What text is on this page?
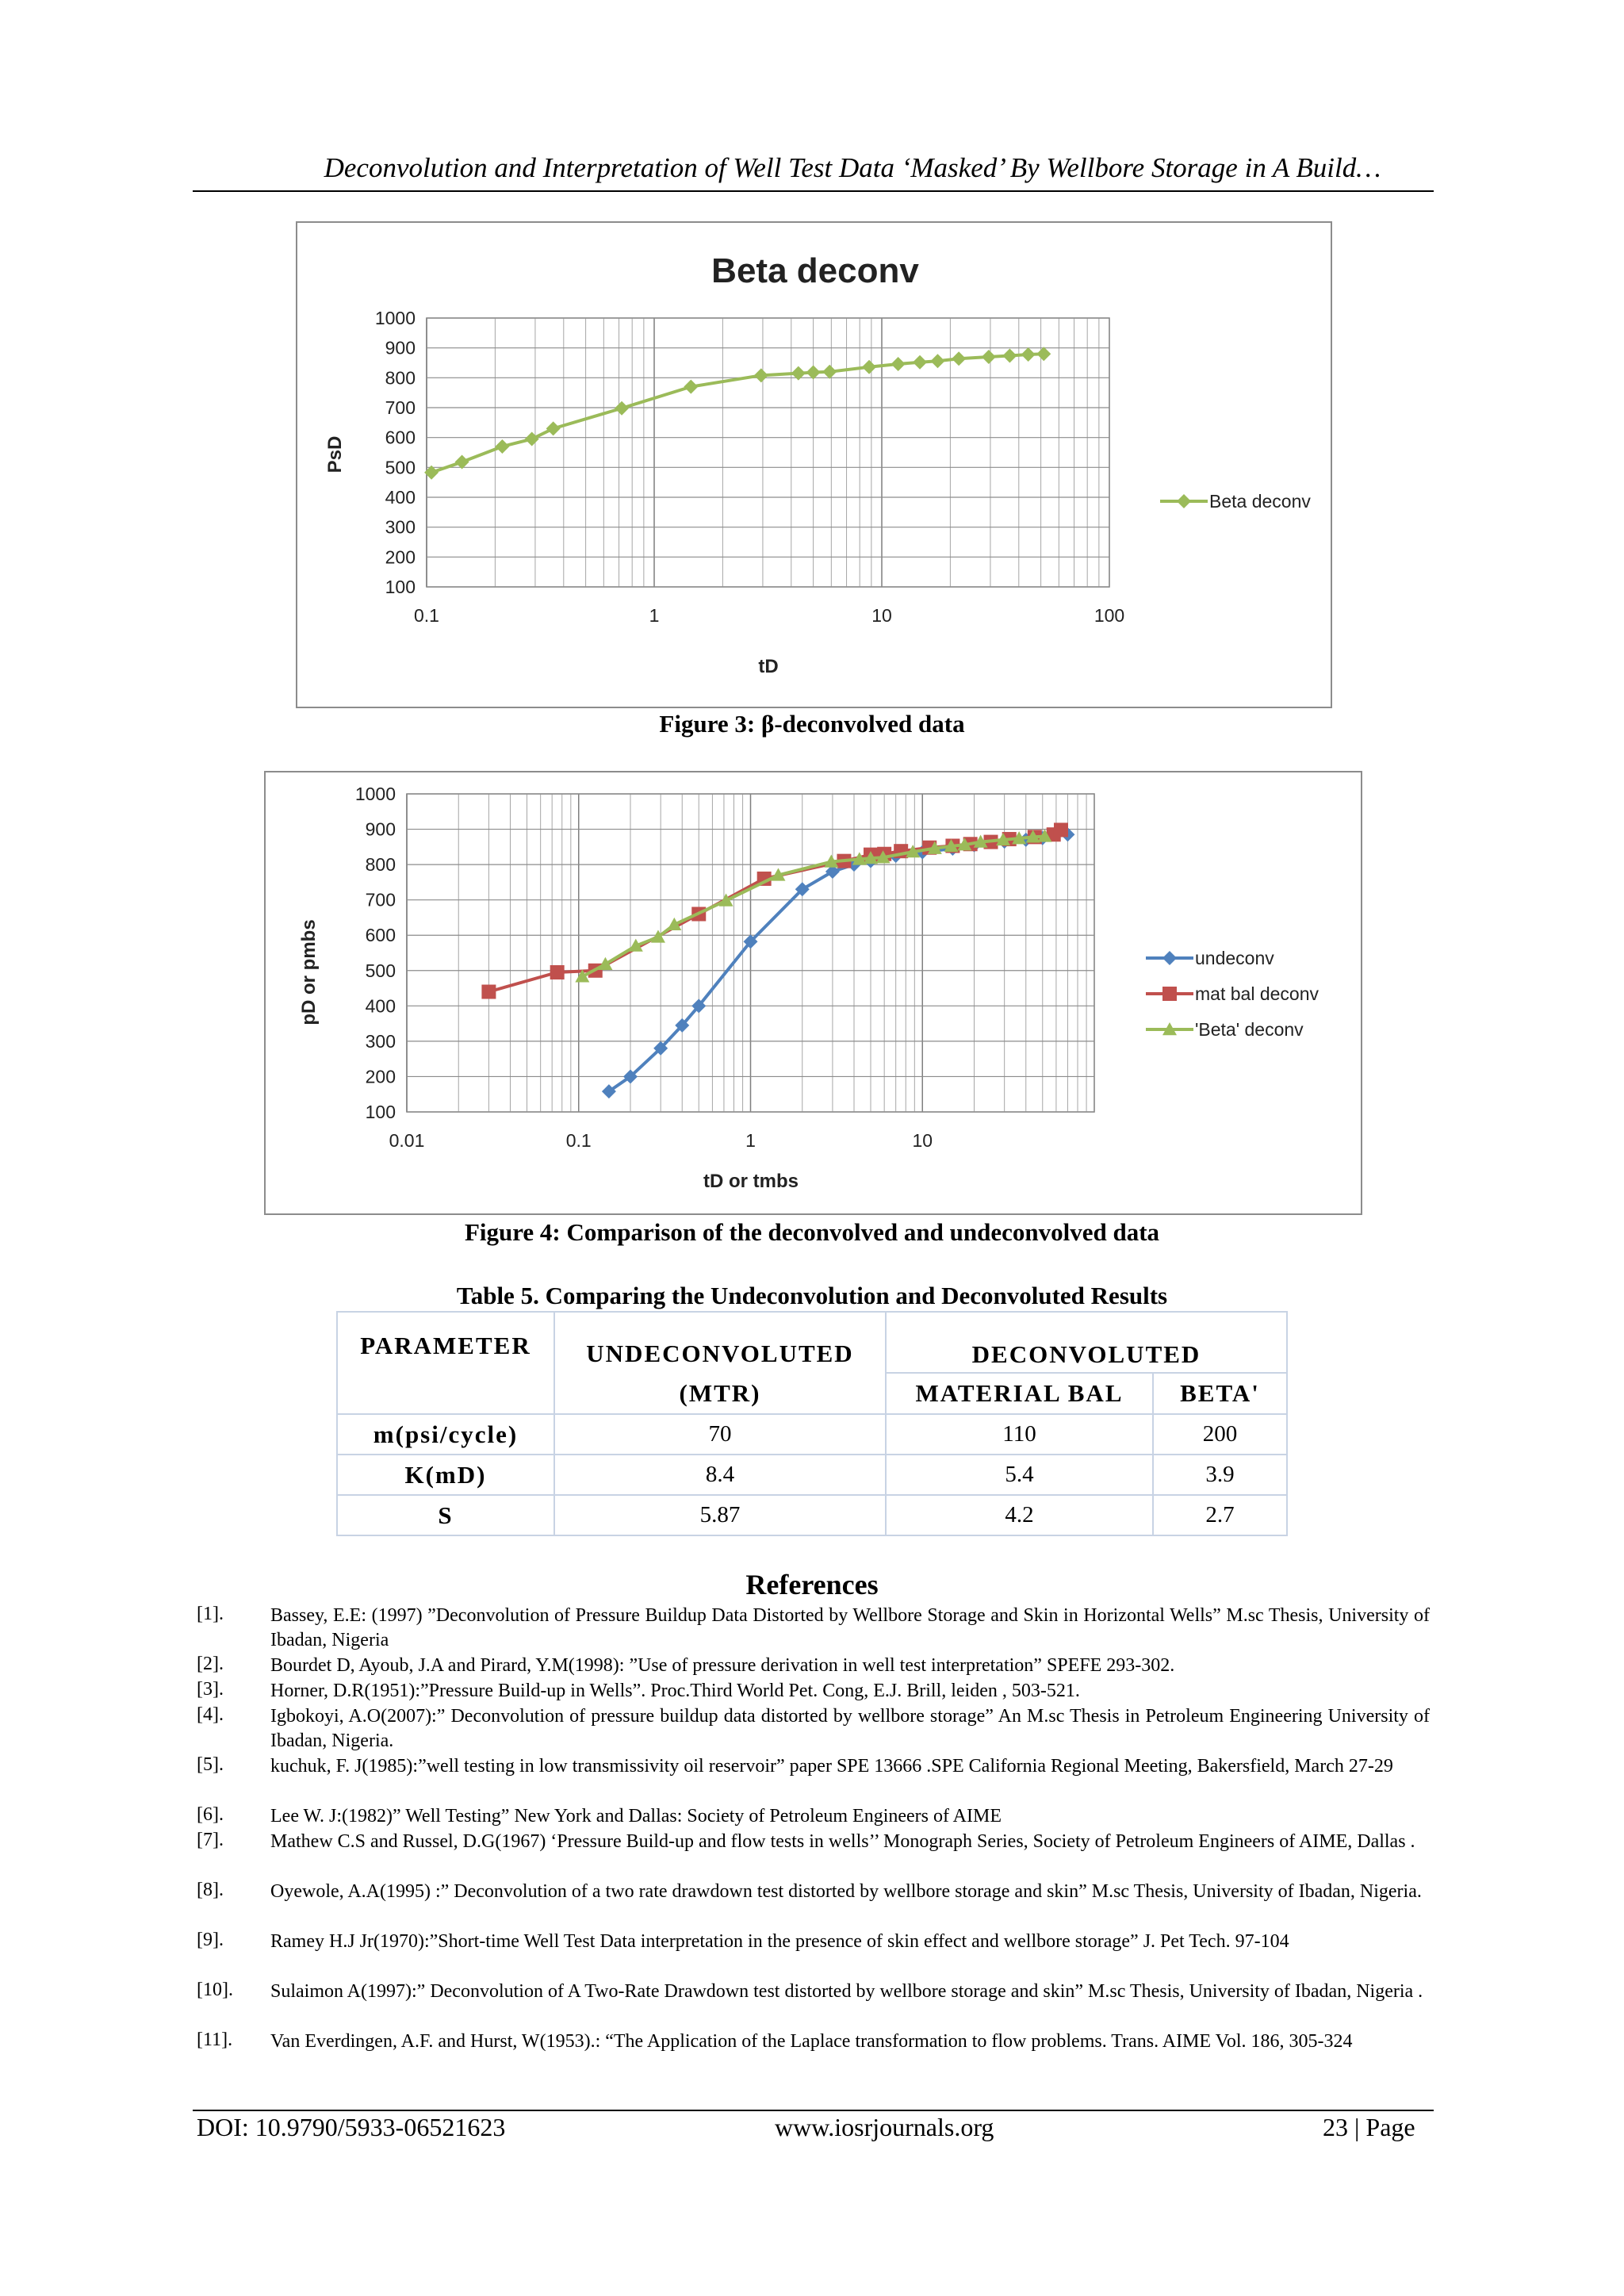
Deconvolution and Interpretation of Well Test Data ‘Masked’ By Wellbore Storage in A Build…
Beta deconv
100
200
300
400
500
600
700
800
900
1000
0.1	1	10	100
PsD
tD
Beta deconv
Figure 3: β-deconvolved data
100
200
300
400
500
600
700
800
900
1000
0.01	0.1	1	10
pD or pmbs
tD or tmbs
undeconv
mat bal deconv
'Beta' deconv
Figure 4: Comparison of the deconvolved and undeconvolved data
Table 5. Comparing the Undeconvolution and Deconvoluted Results
PARAMETER	UNDECONVOLUTED	DECONVOLUTED	
	(MTR)	MATERIAL BAL	BETA'
m(psi/cycle)	70	110	200
K(mD)	8.4	5.4	3.9
S	5.87	4.2	2.7
References
[1]. Bassey, E.E: (1997) ”Deconvolution of Pressure Buildup Data Distorted by Wellbore Storage and Skin in Horizontal Wells” M.sc Thesis, University of Ibadan, Nigeria
[2]. Bourdet D, Ayoub, J.A and Pirard, Y.M(1998): ”Use of pressure derivation in well test interpretation” SPEFE 293-302.
[3]. Horner, D.R(1951):”Pressure Build-up in Wells”. Proc.Third World Pet. Cong, E.J. Brill, leiden , 503-521.
[4]. Igbokoyi, A.O(2007):” Deconvolution of pressure buildup data distorted by wellbore storage” An M.sc Thesis in Petroleum Engineering University of Ibadan, Nigeria.
[5]. kuchuk, F. J(1985):”well testing in low transmissivity oil reservoir” paper SPE 13666 .SPE California Regional Meeting, Bakersfield, March 27-29
[6]. Lee W. J:(1982)” Well Testing” New York and Dallas: Society of Petroleum Engineers of AIME
[7]. Mathew C.S and Russel, D.G(1967) ‘Pressure Build-up and flow tests in wells’’ Monograph Series, Society of Petroleum Engineers of AIME, Dallas .
[8]. Oyewole, A.A(1995) :” Deconvolution of a two rate drawdown test distorted by wellbore storage and skin” M.sc Thesis, University of Ibadan, Nigeria.
[9]. Ramey H.J Jr(1970):”Short-time Well Test Data interpretation in the presence of skin effect and wellbore storage” J. Pet Tech. 97-104
[10]. Sulaimon A(1997):” Deconvolution of A Two-Rate Drawdown test distorted by wellbore storage and skin” M.sc Thesis, University of Ibadan, Nigeria .
[11]. Van Everdingen, A.F. and Hurst, W(1953).: “The Application of the Laplace transformation to flow problems. Trans. AIME Vol. 186, 305-324
DOI: 10.9790/5933-06521623	www.iosrjournals.org	23 | Page
